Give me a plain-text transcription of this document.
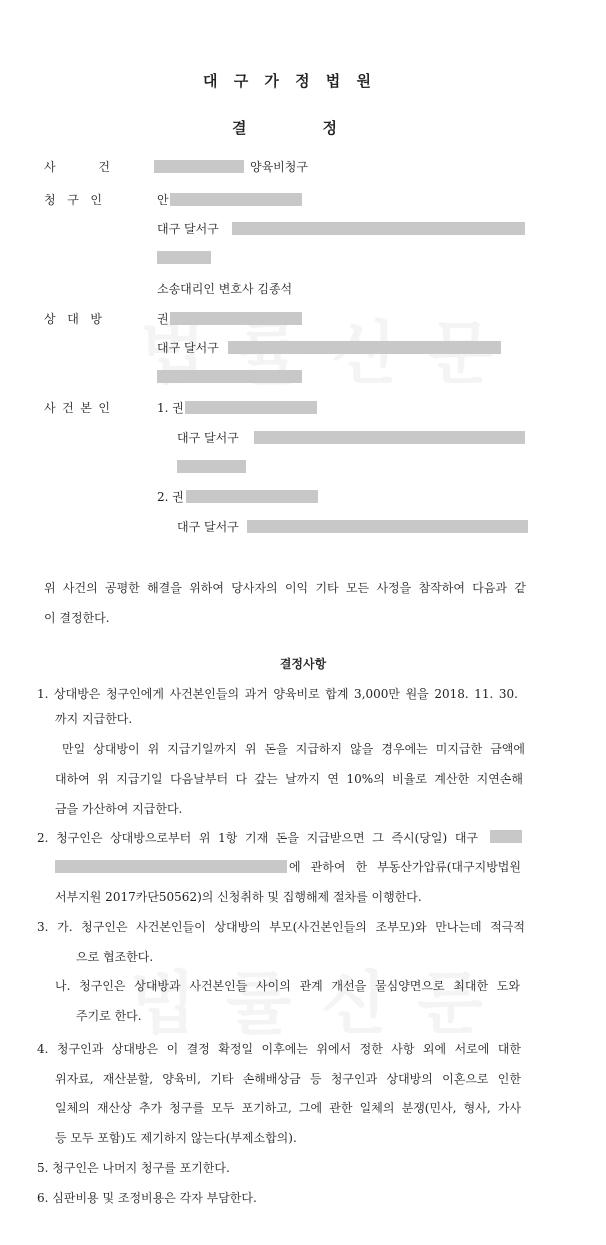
대 구 가 정 법 원
결	정
사	건	양육비청구
청 구 인	안
대구 달서구
소송대리인 변호사 김종석
상 대 방	권
대구 달서구
사 건 본 인	1. 권
대구 달서구
2. 권
대구 달서구
위 사건의 공평한 해결을 위하여 당사자의 이익 기타 모든 사정을 참작하여 다음과 같
이 결정한다.
결정사항
1. 상대방은 청구인에게 사건본인들의 과거 양육비로 합계 3,000만 원을 2018. 11. 30.
까지 지급한다.
만일 상대방이 위 지급기일까지 위 돈을 지급하지 않을 경우에는 미지급한 금액에
대하여 위 지급기일 다음날부터 다 갚는 날까지 연 10%의 비율로 계산한 지연손해
금을 가산하여 지급한다.
2. 청구인은 상대방으로부터 위 1항 기재 돈을 지급받으면 그 즉시(당일) 대구
에 관하여 한 부동산가압류(대구지방법원
서부지원 2017카단50562)의 신청취하 및 집행해제 절차를 이행한다.
3. 가. 청구인은 사건본인들이 상대방의 부모(사건본인들의 조부모)와 만나는데 적극적
으로 협조한다.
나. 청구인은 상대방과 사건본인들 사이의 관계 개선을 물심양면으로 최대한 도와
주기로 한다.
4. 청구인과 상대방은 이 결정 확정일 이후에는 위에서 정한 사항 외에 서로에 대한
위자료, 재산분할, 양육비, 기타 손해배상금 등 청구인과 상대방의 이혼으로 인한
일체의 재산상 추가 청구를 모두 포기하고, 그에 관한 일체의 분쟁(민사, 형사, 가사
등 모두 포함)도 제기하지 않는다(부제소합의).
5. 청구인은 나머지 청구를 포기한다.
6. 심판비용 및 조정비용은 각자 부담한다.
